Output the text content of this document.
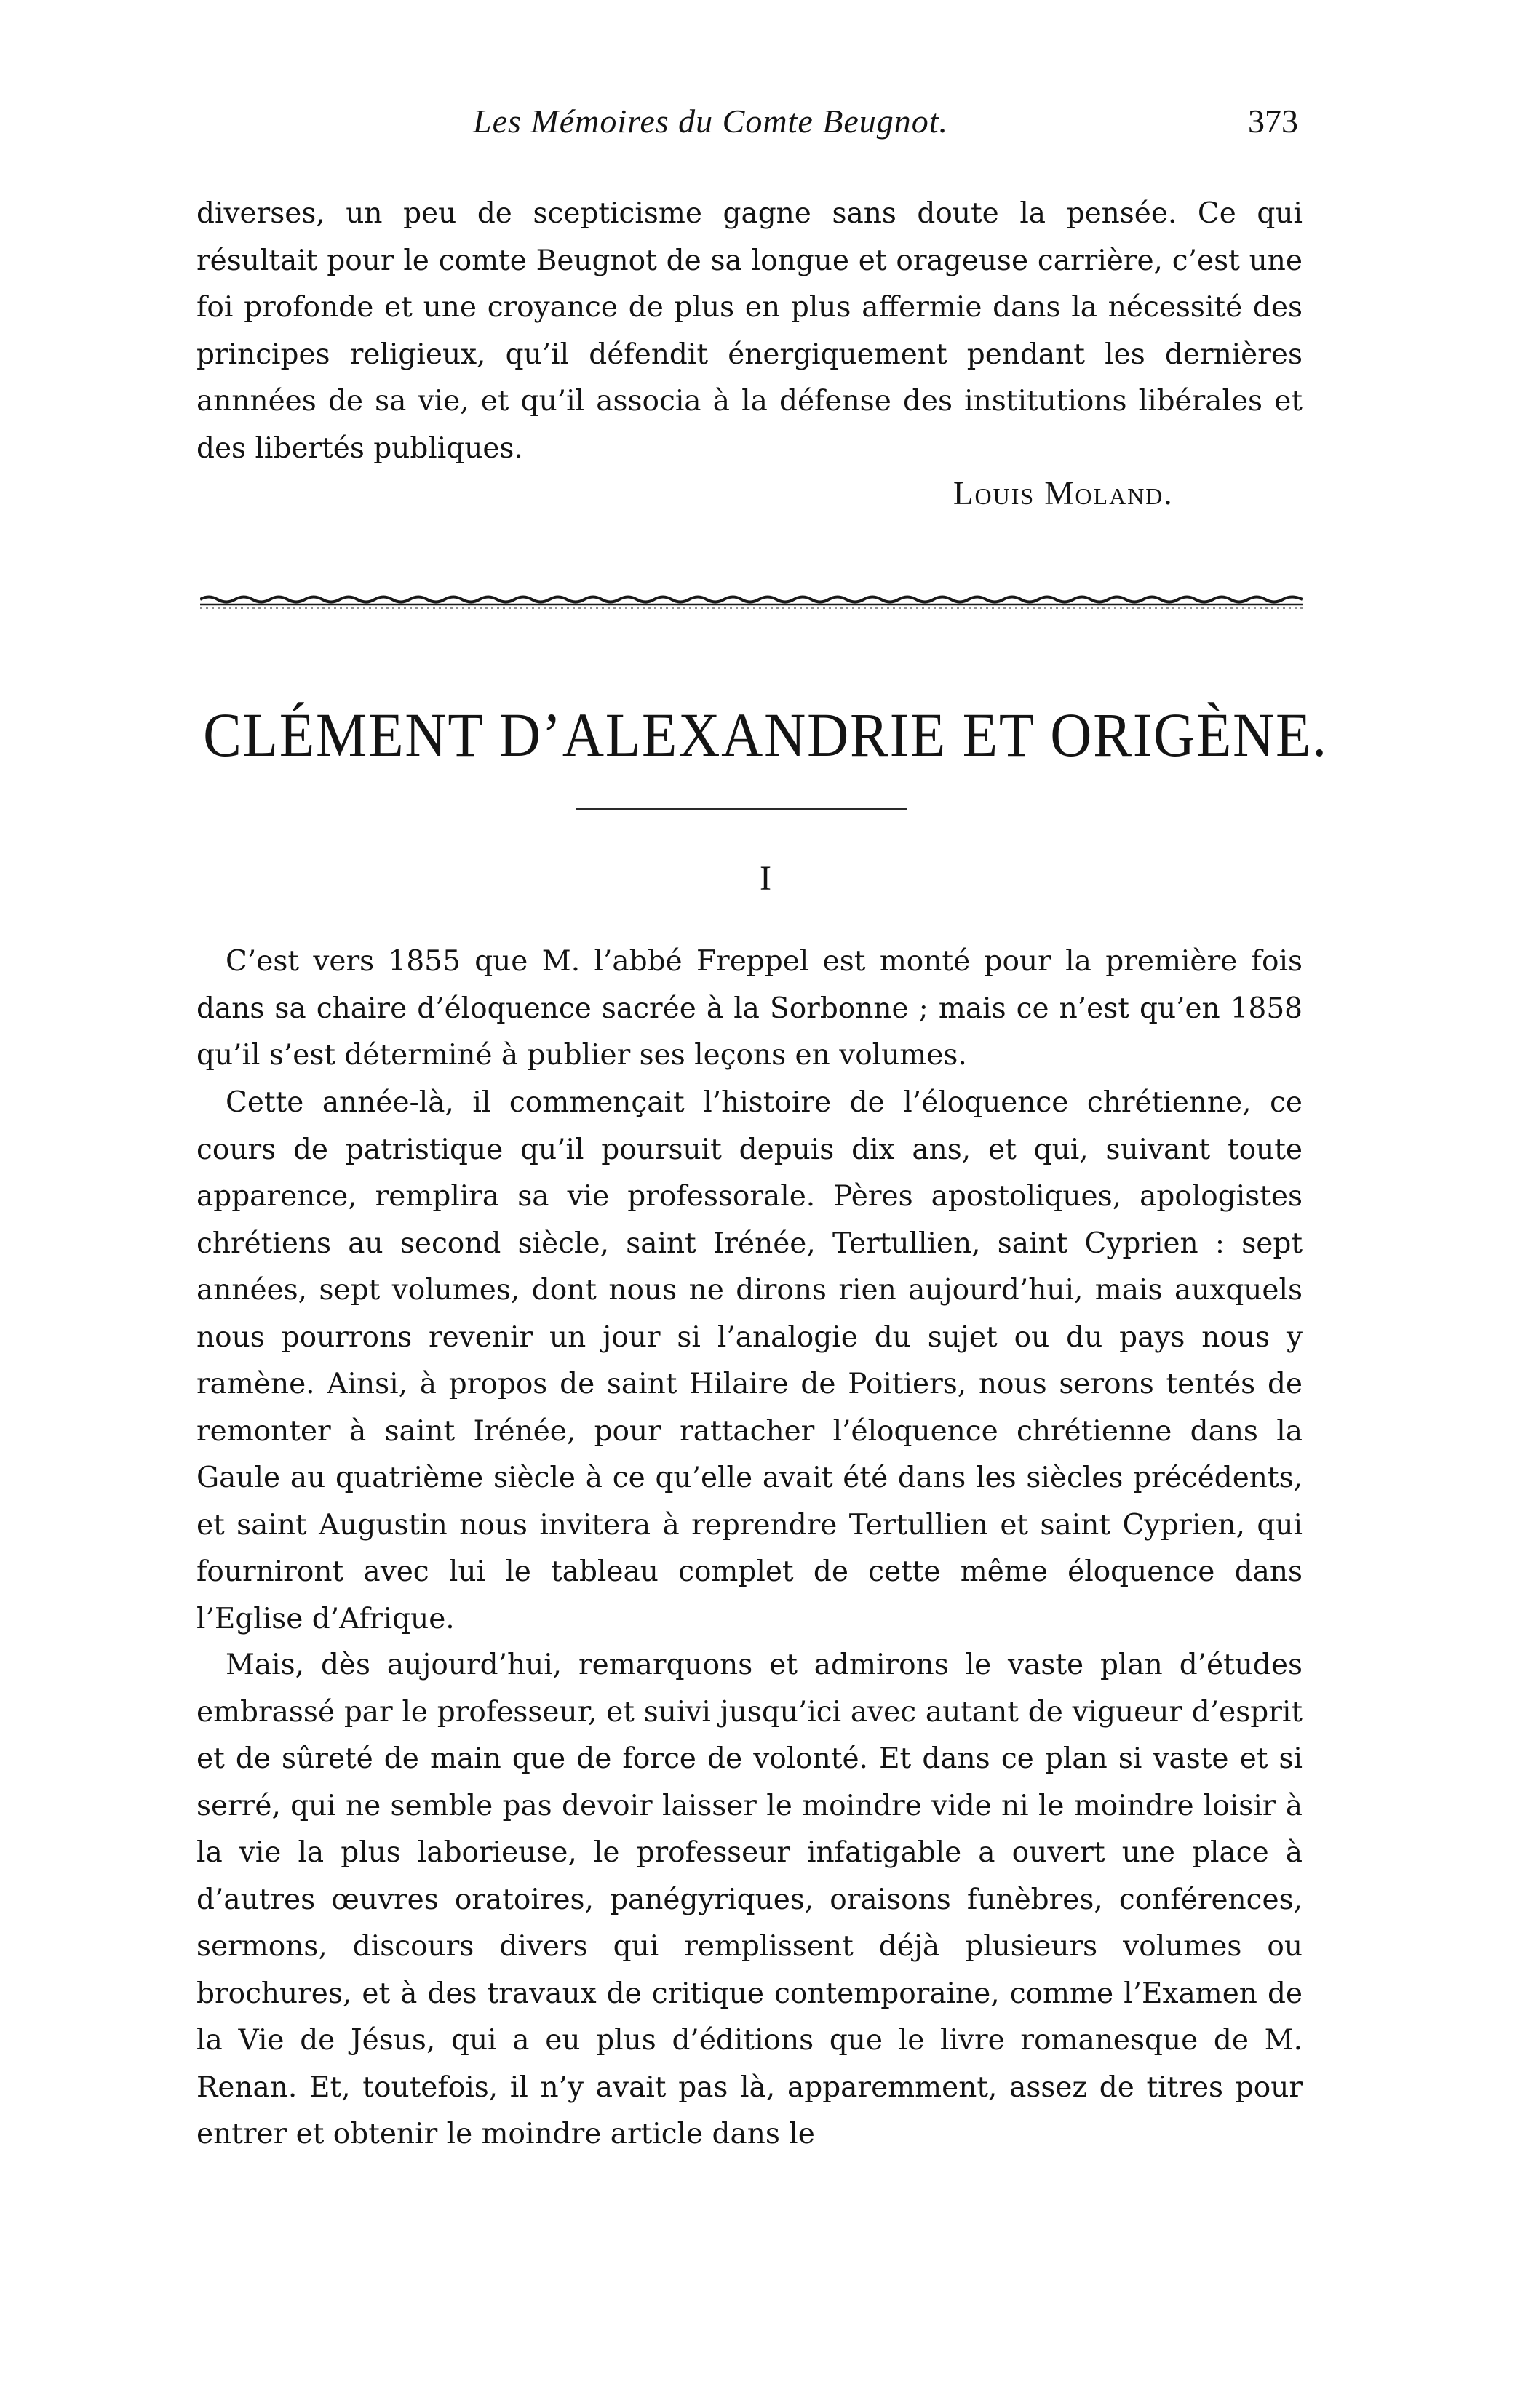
Les Mémoires du Comte Beugnot.	373

diverses, un peu de scepticisme gagne sans doute la pensée. Ce qui résultait pour le comte Beugnot de sa longue et orageuse carrière, c’est une foi profonde et une croyance de plus en plus affermie dans la nécessité des principes religieux, qu’il défendit énergiquement pendant les dernières annnées de sa vie, et qu’il associa à la défense des institutions libérales et des libertés publiques.

Louis Moland.
CLÉMENT D’ALEXANDRIE ET ORIGÈNE.
I

C’est vers 1855 que M. l’abbé Freppel est monté pour la première fois dans sa chaire d’éloquence sacrée à la Sorbonne ; mais ce n’est qu’en 1858 qu’il s’est déterminé à publier ses leçons en volumes.

Cette année-là, il commençait l’histoire de l’éloquence chrétienne, ce cours de patristique qu’il poursuit depuis dix ans, et qui, suivant toute apparence, remplira sa vie professorale. Pères apostoliques, apologistes chrétiens au second siècle, saint Irénée, Tertullien, saint Cyprien : sept années, sept volumes, dont nous ne dirons rien aujourd’hui, mais auxquels nous pourrons revenir un jour si l’analogie du sujet ou du pays nous y ramène. Ainsi, à propos de saint Hilaire de Poitiers, nous serons tentés de remonter à saint Irénée, pour rattacher l’éloquence chrétienne dans la Gaule au quatrième siècle à ce qu’elle avait été dans les siècles précédents, et saint Augustin nous invitera à reprendre Tertullien et saint Cyprien, qui fourniront avec lui le tableau complet de cette même éloquence dans l’Eglise d’Afrique.

Mais, dès aujourd’hui, remarquons et admirons le vaste plan d’études embrassé par le professeur, et suivi jusqu’ici avec autant de vigueur d’esprit et de sûreté de main que de force de volonté. Et dans ce plan si vaste et si serré, qui ne semble pas devoir laisser le moindre vide ni le moindre loisir à la vie la plus laborieuse, le professeur infatigable a ouvert une place à d’autres œuvres oratoires, panégyriques, oraisons funèbres, conférences, sermons, discours divers qui remplissent déjà plusieurs volumes ou brochures, et à des travaux de critique contemporaine, comme l’Examen de la Vie de Jésus, qui a eu plus d’éditions que le livre romanesque de M. Renan. Et, toutefois, il n’y avait pas là, apparemment, assez de titres pour entrer et obtenir le moindre article dans le
